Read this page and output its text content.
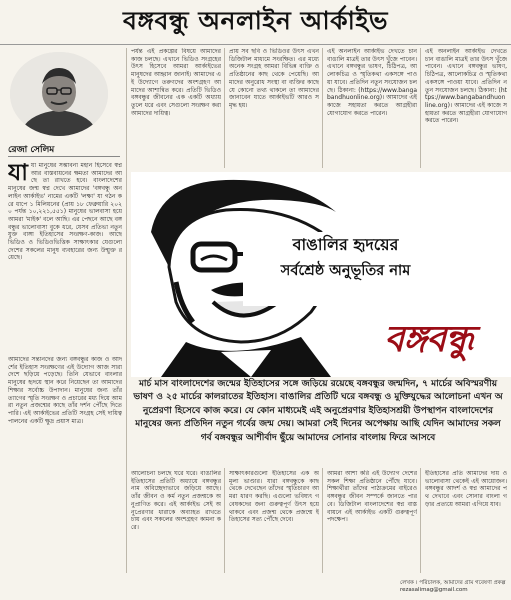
বঙ্গবন্ধু অনলাইন আর্কাইভ
রেজা সেলিম
যাযা মানুষের সম্ভাবনা মহান হিসেবে স্বপ্ন আর বাস্তবায়নের ক্ষমতা আমাদের আছে তা রাখতে হবে। বাংলাদেশের মানুষের জন্ম স্বপ্ন দেখে আমাদের 'বঙ্গবন্ধু অনলাইন আর্কাইভ' নামের একটি 'লক্ষ্য' যা গঠন করে ধাপে ১ মিলিয়নের (প্রায় ১৮ ফেব্রুয়ারি ২০২০ পর্যন্ত ১০,২২১,৫৫১) মানুষের ভালবাসা হয়ে আমরা 'মাইক' বলে আছি। এর পেছনে আছে বঙ্গবন্ধুর ভালোবাসা বুকে ধরে, যেসব প্রতিভা নতুন যুক্ত বাঙ্গা ইতিহাসের সংরক্ষণ-কাজ। আছে ভিডিও ও ভিডিওভিত্তিক সাক্ষাৎকার যেগুলো দেশের সকলের মানুষ ব্যবহারের জন্য উন্মুক্ত রয়েছে।
আমাদের সন্তানদের জন্য বঙ্গবন্ধুর কাজ ও আদর্শের ইতিহাস সংরক্ষণের এই উদ্যোগ আজ সারা দেশে ছড়িয়ে পড়েছে। তিনি যেভাবে বাংলার মানুষের হৃদয়ে স্থান করে নিয়েছেন তা আমাদের শিক্ষার সর্বোচ্চ উপাদান। মানুষের জন্য তাঁর ত্যাগের স্মৃতি সংরক্ষণ ও প্রচারের মধ্য দিয়ে আমরা নতুন প্রজন্মের কাছে তাঁর দর্শন পৌঁছে দিতে পারি। এই আর্কাইভের প্রতিটি সংগ্রহ সেই দায়িত্ব পালনের একটি ক্ষুদ্র প্রয়াস মাত্র।
পর্যন্ত এই প্রকল্পের বিষয়ে আমাদের কাজ চলছে। এখানে ভিডিও সংগ্রহের উৎস হিসেবে আমরা আর্কাইভের মানুষদের আহ্বান জানাই। আমাদের এই উদ্যোগে তরুণদের অংশগ্রহণ আমাদের আশান্বিত করে। প্রতিটি ভিডিও বঙ্গবন্ধুর জীবনের এক একটি অধ্যায় তুলে ধরে এবং সেগুলো সংরক্ষণ করা আমাদের দায়িত্ব।
প্রায় সব ছবি ও ভিডিওর উৎস এখন ডিজিটাল মাধ্যমে সংরক্ষিত। এর মধ্যে অনেক সংগ্রহ আমরা বিভিন্ন ব্যক্তি ও প্রতিষ্ঠানের কাছ থেকে পেয়েছি। আমাদের অনুরোধ সংস্থা বা ব্যক্তির কাছে যে কোনো তথ্য থাকলে তা আমাদের জানাবেন যাতে আর্কাইভটি আরও সমৃদ্ধ হয়।
এই অনলাইন আর্কাইভ দেখতে চান বাঙালি মাত্রই তার উৎস খুঁজে পাবেন। এখানে বঙ্গবন্ধুর ভাষণ, চিঠিপত্র, আলোকচিত্র ও স্মৃতিকথা একসঙ্গে পাওয়া যাবে। প্রতিদিন নতুন সংযোজন চলছে। ঠিকানা: (https://www.bangabandhuonline.org)। আমাদের এই কাজে সহায়তা করতে আগ্রহীরা যোগাযোগ করতে পারেন।
এই অনলাইন আর্কাইভ দেখতে চান বাঙালি মাত্রই তার উৎস খুঁজে পাবেন। এখানে বঙ্গবন্ধুর ভাষণ, চিঠিপত্র, আলোকচিত্র ও স্মৃতিকথা একসঙ্গে পাওয়া যাবে। প্রতিদিন নতুন সংযোজন চলছে। ঠিকানা: (https://www.bangabandhuonline.org)। আমাদের এই কাজে সহায়তা করতে আগ্রহীরা যোগাযোগ করতে পারেন।
বাঙালির হৃদয়ের
সর্বশ্রেষ্ঠ অনুভূতির নাম
বঙ্গবন্ধু
মার্চ মাস বাংলাদেশের জন্মের ইতিহাসের সঙ্গে জড়িয়ে রয়েছে বঙ্গবন্ধুর জন্মদিন, ৭ মার্চের অবিস্মরণীয় ভাষণ ও ২৫ মার্চের কালরাতের ইতিহাস। বাঙালির প্রতিটি ঘরে বঙ্গবন্ধু ও মুক্তিযুদ্ধের আলোচনা এখন অনুপ্রেরণা হিসেবে কাজ করে। যে কোন মাধ্যমেই এই অনুপ্রেরণার ইতিহাসশ্রয়ী উপস্থাপন বাংলাদেশের মানুষের জন্য প্রতিদিন নতুন গর্বের জন্ম দেয়। আমরা সেই দিনের অপেক্ষায় আছি যেদিন আমাদের সকল গর্ব বঙ্গবন্ধুর আশীর্বাদ ছুঁয়ে আমাদের সোনার বাংলায় ফিরে আসবে
আলোচনা চলছে ঘরে ঘরে। বাঙালির ইতিহাসের প্রতিটি অধ্যায়ে বঙ্গবন্ধুর নাম অবিচ্ছেদ্যভাবে জড়িয়ে আছে। তাঁর জীবন ও কর্ম নতুন প্রজন্মকে অনুপ্রাণিত করে। এই আর্কাইভ সেই অনুপ্রেরণার ধারাকে অব্যাহত রাখতে চায় এবং সকলের অংশগ্রহণ কামনা করে।
সাক্ষাৎকারগুলো ইতিহাসের এক অমূল্য ভাণ্ডার। যারা বঙ্গবন্ধুকে কাছ থেকে দেখেছেন তাঁদের স্মৃতিচারণ আমরা ধারণ করছি। এগুলো ভবিষ্যৎ গবেষকদের জন্য গুরুত্বপূর্ণ উৎস হয়ে থাকবে এবং প্রজন্ম থেকে প্রজন্মে ইতিহাসের সত্য পৌঁছে দেবে।
আমরা আশা করি এই উদ্যোগ দেশের সকল শিক্ষা প্রতিষ্ঠানে পৌঁছে যাবে। শিক্ষার্থীরা তাঁদের পাঠ্যক্রমের বাইরেও বঙ্গবন্ধুর জীবন সম্পর্কে জানতে পারবে। ডিজিটাল বাংলাদেশের স্বপ্ন বাস্তবায়নে এই আর্কাইভ একটি গুরুত্বপূর্ণ পদক্ষেপ।
ইতিহাসের প্রতি আমাদের দায় ও ভালোবাসা থেকেই এই আয়োজন। বঙ্গবন্ধুর আদর্শ ও স্বপ্ন আমাদের পথ দেখাবে এবং সোনার বাংলা গড়ার প্রত্যয়ে আমরা এগিয়ে যাব।
লেখক । পরিচালক, আমাদের গ্রাম গবেষণা প্রকল্প
rezasalimag@gmail.com
